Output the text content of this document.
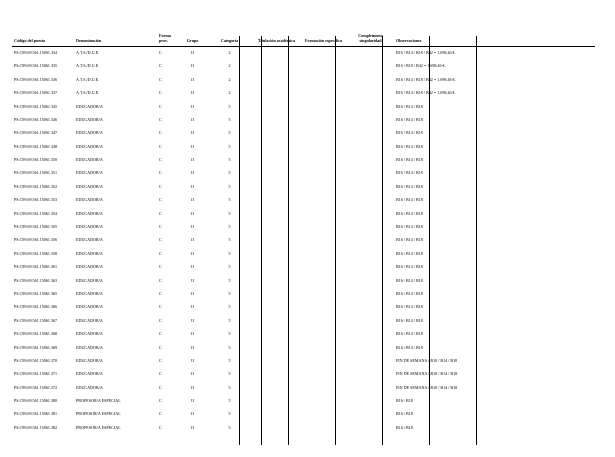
Código del puesto	Denominación	Forma prov.	Grupo	Categoría	Titulación académica	Formación específica	Complemento singularidad	Observaciones
PS.C99.69.561.15061.334	A.T.S./D.U.E.	C	II	2				B16 / B14 / B18 / B42 = 1.698,46 €.
PS.C99.69.561.15061.335	A.T.S./D.U.E.	C	II	2				B16 / B18 / B42 = 1.698,46 €.
PS.C99.69.561.15061.336	A.T.S./D.U.E.	C	II	2				B16 / B14 / B18 / B42 = 1.698,46 €.
PS.C99.69.561.15061.337	A.T.S./D.U.E.	C	II	2				B16 / B14 / B18 / B42 = 1.698,46 €.
PS.C99.69.561.15061.345	EDUCADOR/A	C	II	5				B16 / B14 / B18
PS.C99.69.561.15061.346	EDUCADOR/A	C	II	5				B16 / B14 / B18
PS.C99.69.561.15061.347	EDUCADOR/A	C	II	5				B16 / B14 / B18
PS.C99.69.561.15061.348	EDUCADOR/A	C	II	5				B16 / B14 / B18
PS.C99.69.561.15061.350	EDUCADOR/A	C	II	5				B16 / B14 / B18
PS.C99.69.561.15061.351	EDUCADOR/A	C	II	5				B16 / B14 / B18
PS.C99.69.561.15061.352	EDUCADOR/A	C	II	5				B16 / B14 / B18
PS.C99.69.561.15061.353	EDUCADOR/A	C	II	5				B16 / B14 / B18
PS.C99.69.561.15061.354	EDUCADOR/A	C	II	5				B16 / B14 / B18
PS.C99.69.561.15061.355	EDUCADOR/A	C	II	5				B16 / B14 / B18
PS.C99.69.561.15061.356	EDUCADOR/A	C	II	5				B16 / B14 / B18
PS.C99.69.561.15061.358	EDUCADOR/A	C	II	5				B16 / B14 / B18
PS.C99.69.561.15061.361	EDUCADOR/A	C	II	5				B16 / B14 / B18
PS.C99.69.561.15061.363	EDUCADOR/A	C	II	5				B16 / B14 / B18
PS.C99.69.561.15061.365	EDUCADOR/A	C	II	5				B16 / B14 / B18
PS.C99.69.561.15061.366	EDUCADOR/A	C	II	5				B16 / B14 / B18
PS.C99.69.561.15061.367	EDUCADOR/A	C	II	5				B16 / B14 / B18
PS.C99.69.561.15061.368	EDUCADOR/A	C	II	5				B16 / B14 / B18
PS.C99.69.561.15061.369	EDUCADOR/A	C	II	5				B16 / B14 / B18
PS.C99.69.561.15061.370	EDUCADOR/A	C	II	5				FIN DE SEMANA / B10 / B14 / B18
PS.C99.69.561.15061.371	EDUCADOR/A	C	II	5				FIN DE SEMANA / B10 / B14 / B18
PS.C99.69.561.15061.372	EDUCADOR/A	C	II	5				FIN DE SEMANA / B10 / B14 / B18
PS.C99.69.561.15061.380	PROFESOR/A ESPECIAL	C	II	5				B16 / B18
PS.C99.69.561.15061.381	PROFESOR/A ESPECIAL	C	II	5				B16 / B18
PS.C99.69.561.15061.382	PROFESOR/A ESPECIAL	C	II	5				B16 / B18
